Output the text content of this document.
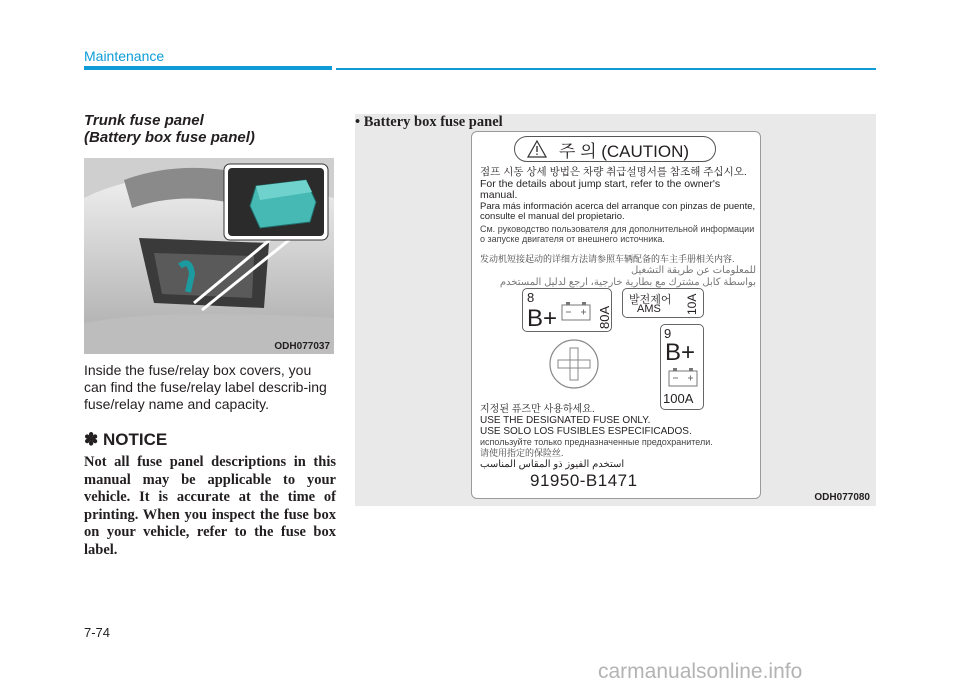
Maintenance
Trunk fuse panel
(Battery box fuse panel)
ODH077037
Inside the fuse/relay box covers, you can find the fuse/relay label describ-ing fuse/relay name and capacity.
✽ NOTICE
Not all fuse panel descriptions in this manual may be applicable to your vehicle. It is accurate at the time of printing. When you inspect the fuse box on your vehicle, refer to the fuse box label.
ODH077080
• Battery box fuse panel
주 의 (CAUTION)
점프 시동 상세 방법은 차량 취급설명서를 참조해 주십시오.
For the details about jump start, refer to the owner's manual.
Para más información acerca del arranque con pinzas de puente, consulte el manual del propietario.
См. руководство пользователя для дополнительной информации о запуске двигателя от внешнего источника.
发动机短接起动的详细方法请参照车辆配备的车主手册相关内容.
للمعلومات عن طريقة التشغيل
بواسطة كابل مشترك مع بطارية خارجية، ارجع لدليل المستخدم
8
B+	80A
발전제어
AMS 10A
9
B+
100A
지정된 퓨즈만 사용하세요.
USE THE DESIGNATED FUSE ONLY.
USE SOLO LOS FUSIBLES ESPECIFICADOS.
используйте только предназначенные предохранители.
请使用指定的保险丝.
استخدم الفيوز ذو المقاس المناسب
91950-B1471
7-74
carmanualsonline.info
